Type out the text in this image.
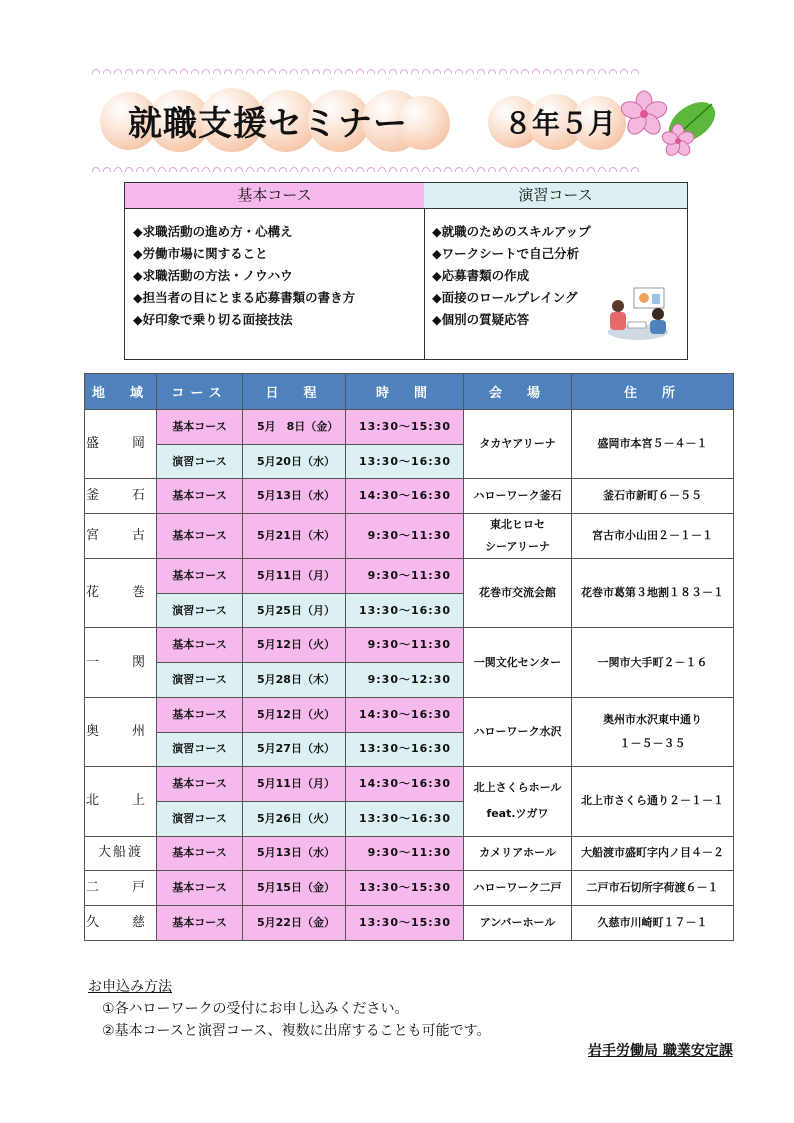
就職支援セミナー	８年５月
基本コース
◆求職活動の進め方・心構え
◆労働市場に関すること
◆求職活動の方法・ノウハウ
◆担当者の目にとまる応募書類の書き方
◆好印象で乗り切る面接技法
演習コース
◆就職のためのスキルアップ
◆ワークシートで自己分析
◆応募書類の作成
◆面接のロールプレイング
◆個別の質疑応答
地　域	コース	日　程	時　間	会　場	住　所
盛　岡	基本コース	5月　8日（金）	13:30～15:30	タカヤアリーナ	盛岡市本宮５－４－１

	演習コース	5月20日（水）	13:30～16:30		
釜　石	基本コース	5月13日（水）	14:30～16:30	ハローワーク釜石	釜石市新町６－５５

宮　古	基本コース	5月21日（木）	9:30～11:30	東北ヒロセ
シーアリーナ	宮古市小山田２－１－１

花　巻	基本コース	5月11日（月）	9:30～11:30	花巻市交流会館	花巻市葛第３地割１８３－１

	演習コース	5月25日（月）	13:30～16:30		
一　関	基本コース	5月12日（火）	9:30～11:30	一関文化センター	一関市大手町２－１６

	演習コース	5月28日（木）	9:30～12:30		
奥　州	基本コース	5月12日（火）	14:30～16:30	ハローワーク水沢	奥州市水沢東中通り
１－５－３５

	演習コース	5月27日（水）	13:30～16:30		
北　上	基本コース	5月11日（月）	14:30～16:30	北上さくらホール
feat.ツガワ	北上市さくら通り２－１－１

	演習コース	5月26日（火）	13:30～16:30		
大船渡	基本コース	5月13日（水）	9:30～11:30	カメリアホール	大船渡市盛町字内ノ目４－２

二　戸	基本コース	5月15日（金）	13:30～15:30	ハローワーク二戸	二戸市石切所字荷渡６－１

久　慈	基本コース	5月22日（金）	13:30～15:30	アンバーホール	久慈市川崎町１７－１
お申込み方法
①各ハローワークの受付にお申し込みください。
②基本コースと演習コース、複数に出席することも可能です。
岩手労働局 職業安定課
